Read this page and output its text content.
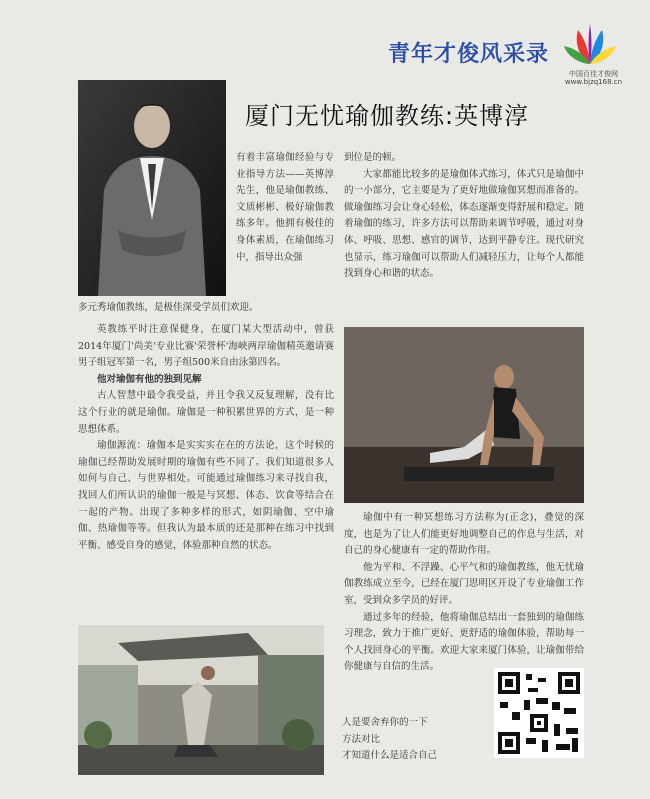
青年才俊风采录
中国百佳才俊网
www.bjzq168.cn
厦门无忧瑜伽教练:英博淳

有着丰富瑜伽经验与专业指导方法——英博淳先生，他是瑜伽教练、文质彬彬、极好瑜伽教练多年。他拥有极佳的身体素质，在瑜伽练习中，指导出众强

多元秀瑜伽教练，是极佳深受学员们欢迎。

到位是的顿。

大家都能比较多的是瑜伽体式练习，体式只是瑜伽中的一小部分，它主要是为了更好地做瑜伽冥想而准备的。做瑜伽练习会让身心轻松，体态逐渐变得舒展和稳定。随着瑜伽的练习，许多方法可以帮助来调节呼吸，通过对身体、呼吸、思想、感官的调节，达到平静专注。现代研究也显示，练习瑜伽可以帮助人们减轻压力，让每个人都能找到身心和谐的状态。

英教练平时注意保健身，在厦门某大型活动中，曾获2014年厦门'尚美'专业比赛'荣誉杯'海峡两岸瑜伽精英邀请赛男子组冠军第一名，男子组500米自由泳第四名。

他对瑜伽有他的独到见解

古人智慧中最令我受益，并且令我又反复理解，没有比这个行业的就是瑜伽。瑜伽是一种积累世界的方式，是一种思想体系。

瑜伽源流：瑜伽本是实实实在在的方法论，这个时候的瑜伽已经帮助发展时期的瑜伽有些不同了。我们知道很多人如何与自己、与世界相处。可能通过瑜伽练习来寻找自我，找回人们所认识的瑜伽一般是与冥想、体态、饮食等结合在一起的产物。出现了多种多样的形式，如阴瑜伽、空中瑜伽、热瑜伽等等。但我认为最本质的还是那种在练习中找到平衡、感受自身的感觉，体验那种自然的状态。

瑜伽中有一种冥想练习方法称为(正念)，叠觉的深度，也是为了让人们能更好地调整自己的作息与生活，对自己的身心健康有一定的帮助作用。

他为平和、不浮躁、心平气和的瑜伽教练，他无忧瑜伽教练成立至今，已经在厦门思明区开设了专业瑜伽工作室，受到众多学员的好评。

通过多年的经验，他将瑜伽总结出一套独到的瑜伽练习理念，致力于推广更好、更舒适的瑜伽体验，帮助每一个人找回身心的平衡。欢迎大家来厦门体验，让瑜伽带给你健康与自信的生活。

人是要舍弃你的一下
方法对比
才知道什么是适合自己
